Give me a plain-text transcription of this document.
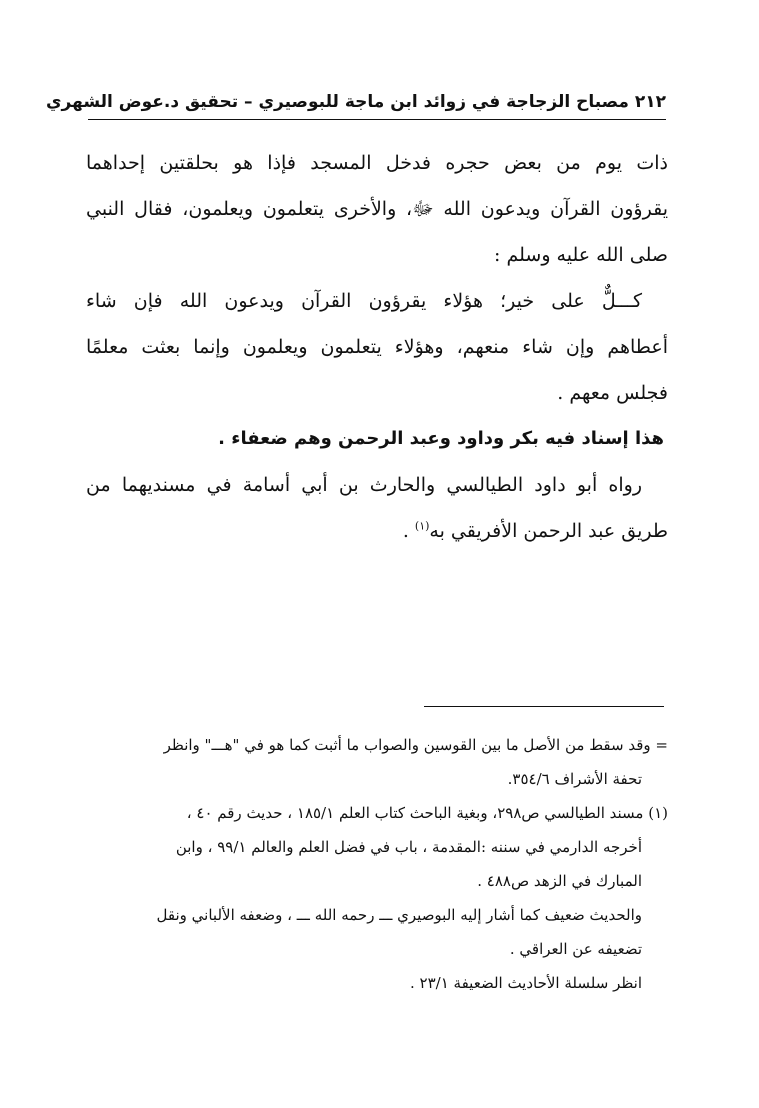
٢١٢ مصباح الزجاجة في زوائد ابن ماجة للبوصيري – تحقيق د.عوض الشهري

ذات يوم من بعض حجره فدخل المسجد فإذا هو بحلقتين إحداهما

يقرؤون القرآن ويدعون الله ﷻ، والأخرى يتعلمون ويعلمون، فقال النبي

صلى الله عليه وسلم :

كـــلٌّ على خير؛ هؤلاء يقرؤون القرآن ويدعون الله فإن شاء

أعطاهم وإن شاء منعهم، وهؤلاء يتعلمون ويعلمون وإنما بعثت معلمًا

فجلس معهم .

هذا إسناد فيه بكر وداود وعبد الرحمن وهم ضعفاء .

رواه أبو داود الطيالسي والحارث بن أبي أسامة في مسنديهما من

طريق عبد الرحمن الأفريقي به$^{(١)}$ .

= وقد سقط من الأصل ما بين القوسين والصواب ما أثبت كما هو في "هـــ" وانظر

تحفة الأشراف ٣٥٤/٦.

(١) مسند الطيالسي ص٢٩٨، وبغية الباحث كتاب العلم ١٨٥/١ ، حديث رقم ٤٠ ،

أخرجه الدارمي في سننه :المقدمة ، باب في فضل العلم والعالم ٩٩/١ ، وابن

المبارك في الزهد ص٤٨٨ .

والحديث ضعيف كما أشار إليه البوصيري ـــ رحمه الله ـــ ، وضعفه الألباني ونقل

تضعيفه عن العراقي .

انظر سلسلة الأحاديث الضعيفة ٢٣/١ .
